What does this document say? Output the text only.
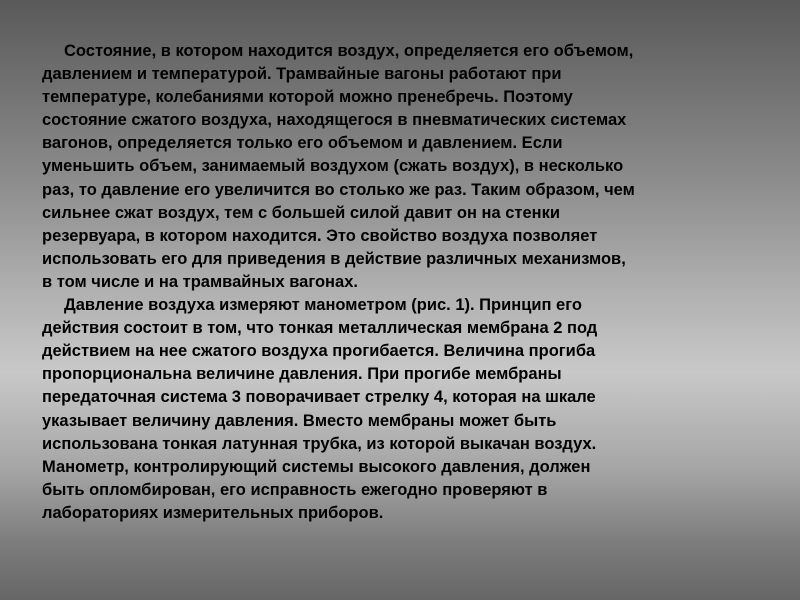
Состояние, в котором находится воздух, определяется его объемом,
давлением и температурой. Трамвайные вагоны работают при
температуре, колебаниями которой можно пренебречь. Поэтому
состояние сжатого воздуха, находящегося в пневматических системах
вагонов, определяется только его объемом и давлением. Если
уменьшить объем, занимаемый воздухом (сжать воздух), в несколько
раз, то давление его увеличится во столько же раз. Таким образом, чем
сильнее сжат воздух, тем с большей силой давит он на стенки
резервуара, в котором находится. Это свойство воздуха позволяет
использовать его для приведения в действие различных механизмов,
в том числе и на трамвайных вагонах.
Давление воздуха измеряют манометром (рис. 1). Принцип его
действия состоит в том, что тонкая металлическая мембрана 2 под
действием на нее сжатого воздуха прогибается. Величина прогиба
пропорциональна величине давления. При прогибе мембраны
передаточная система 3 поворачивает стрелку 4, которая на шкале
указывает величину давления. Вместо мембраны может быть
использована тонкая латунная трубка, из которой выкачан воздух.
Манометр, контролирующий системы высокого давления, должен
быть опломбирован, его исправность ежегодно проверяют в
лабораториях измерительных приборов.
